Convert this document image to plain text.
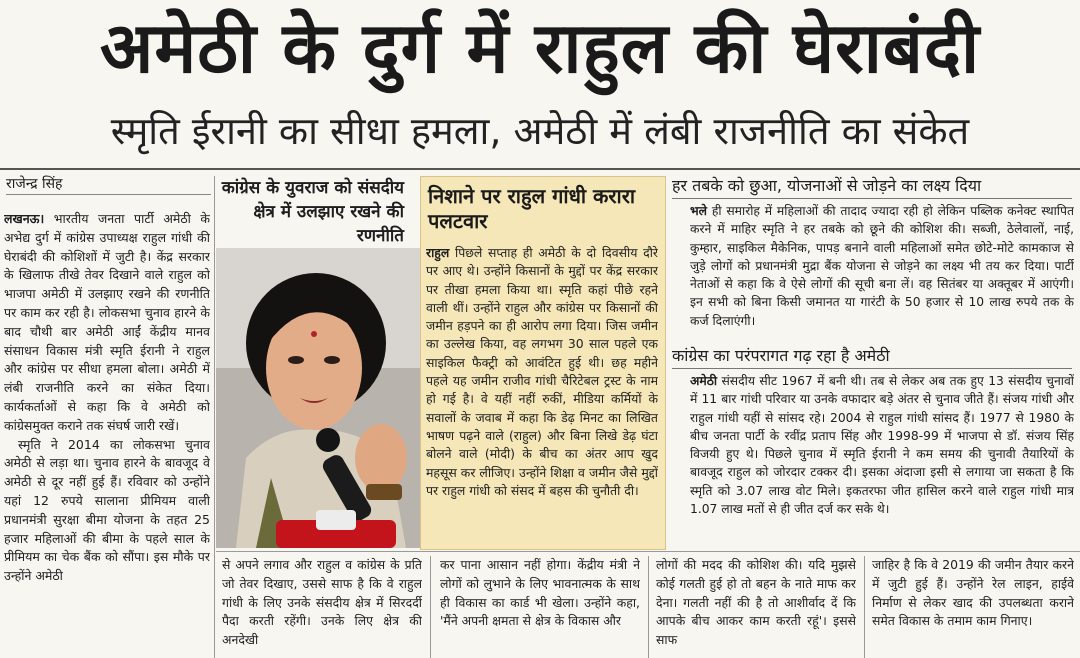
अमेठी के दुर्ग में राहुल की घेराबंदी
स्मृति ईरानी का सीधा हमला, अमेठी में लंबी राजनीति का संकेत
राजेन्द्र सिंह
लखनऊ। भारतीय जनता पार्टी अमेठी के अभेद्य दुर्ग में कांग्रेस उपाध्यक्ष राहुल गांधी की घेराबंदी की कोशिशों में जुटी है। केंद्र सरकार के खिलाफ तीखे तेवर दिखाने वाले राहुल को भाजपा अमेठी में उलझाए रखने की रणनीति पर काम कर रही है। लोकसभा चुनाव हारने के बाद चौथी बार अमेठी आईं केंद्रीय मानव संसाधन विकास मंत्री स्मृति ईरानी ने राहुल और कांग्रेस पर सीधा हमला बोला। अमेठी में लंबी राजनीति करने का संकेत दिया। कार्यकर्ताओं से कहा कि वे अमेठी को कांग्रेसमुक्त कराने तक संघर्ष जारी रखें।
स्मृति ने 2014 का लोकसभा चुनाव अमेठी से लड़ा था। चुनाव हारने के बावजूद वे अमेठी से दूर नहीं हुई हैं। रविवार को उन्होंने यहां 12 रुपये सालाना प्रीमियम वाली प्रधानमंत्री सुरक्षा बीमा योजना के तहत 25 हजार महिलाओं की बीमा के पहले साल के प्रीमियम का चेक बैंक को सौंपा। इस मौके पर उन्होंने अमेठी
कांग्रेस के युवराज को संसदीय क्षेत्र में उलझाए रखने की रणनीति
निशाने पर राहुल गांधी करारा पलटवार
राहुल पिछले सप्ताह ही अमेठी के दो दिवसीय दौरे पर आए थे। उन्होंने किसानों के मुद्दों पर केंद्र सरकार पर तीखा हमला किया था। स्मृति कहां पीछे रहने वाली थीं। उन्होंने राहुल और कांग्रेस पर किसानों की जमीन हड़पने का ही आरोप लगा दिया। जिस जमीन का उल्लेख किया, वह लगभग 30 साल पहले एक साइकिल फैक्ट्री को आवंटित हुई थी। छह महीने पहले यह जमीन राजीव गांधी चैरिटेबल ट्रस्ट के नाम हो गई है। वे यहीं नहीं रुकीं, मीडिया कर्मियों के सवालों के जवाब में कहा कि डेढ़ मिनट का लिखित भाषण पढ़ने वाले (राहुल) और बिना लिखे डेढ़ घंटा बोलने वाले (मोदी) के बीच का अंतर आप खुद महसूस कर लीजिए। उन्होंने शिक्षा व जमीन जैसे मुद्दों पर राहुल गांधी को संसद में बहस की चुनौती दी।
हर तबके को छुआ, योजनाओं से जोड़ने का लक्ष्य दिया
भले ही समारोह में महिलाओं की तादाद ज्यादा रही हो लेकिन पब्लिक कनेक्ट स्थापित करने में माहिर स्मृति ने हर तबके को छूने की कोशिश की। सब्जी, ठेलेवालों, नाई, कुम्हार, साइकिल मैकेनिक, पापड़ बनाने वाली महिलाओं समेत छोटे-मोटे कामकाज से जुड़े लोगों को प्रधानमंत्री मुद्रा बैंक योजना से जोड़ने का लक्ष्य भी तय कर दिया। पार्टी नेताओं से कहा कि वे ऐसे लोगों की सूची बना लें। वह सितंबर या अक्तूबर में आएंगी। इन सभी को बिना किसी जमानत या गारंटी के 50 हजार से 10 लाख रुपये तक के कर्ज दिलाएंगी।
कांग्रेस का परंपरागत गढ़ रहा है अमेठी
अमेठी संसदीय सीट 1967 में बनी थी। तब से लेकर अब तक हुए 13 संसदीय चुनावों में 11 बार गांधी परिवार या उनके वफादार बड़े अंतर से चुनाव जीते हैं। संजय गांधी और राहुल गांधी यहीं से सांसद रहे। 2004 से राहुल गांधी सांसद हैं। 1977 से 1980 के बीच जनता पार्टी के रवींद्र प्रताप सिंह और 1998-99 में भाजपा से डॉ. संजय सिंह विजयी हुए थे। पिछले चुनाव में स्मृति ईरानी ने कम समय की चुनावी तैयारियों के बावजूद राहुल को जोरदार टक्कर दी। इसका अंदाजा इसी से लगाया जा सकता है कि स्मृति को 3.07 लाख वोट मिले। इकतरफा जीत हासिल करने वाले राहुल गांधी मात्र 1.07 लाख मतों से ही जीत दर्ज कर सके थे।
से अपने लगाव और राहुल व कांग्रेस के प्रति जो तेवर दिखाए, उससे साफ है कि वे राहुल गांधी के लिए उनके संसदीय क्षेत्र में सिरदर्दी पैदा करती रहेंगी। उनके लिए क्षेत्र की अनदेखी
कर पाना आसान नहीं होगा। केंद्रीय मंत्री ने लोगों को लुभाने के लिए भावनात्मक के साथ ही विकास का कार्ड भी खेला। उन्होंने कहा, 'मैंने अपनी क्षमता से क्षेत्र के विकास और
लोगों की मदद की कोशिश की। यदि मुझसे कोई गलती हुई हो तो बहन के नाते माफ कर देना। गलती नहीं की है तो आशीर्वाद दें कि आपके बीच आकर काम करती रहूं'। इससे साफ
जाहिर है कि वे 2019 की जमीन तैयार करने में जुटी हुई हैं। उन्होंने रेल लाइन, हाईवे निर्माण से लेकर खाद की उपलब्धता कराने समेत विकास के तमाम काम गिनाए।
